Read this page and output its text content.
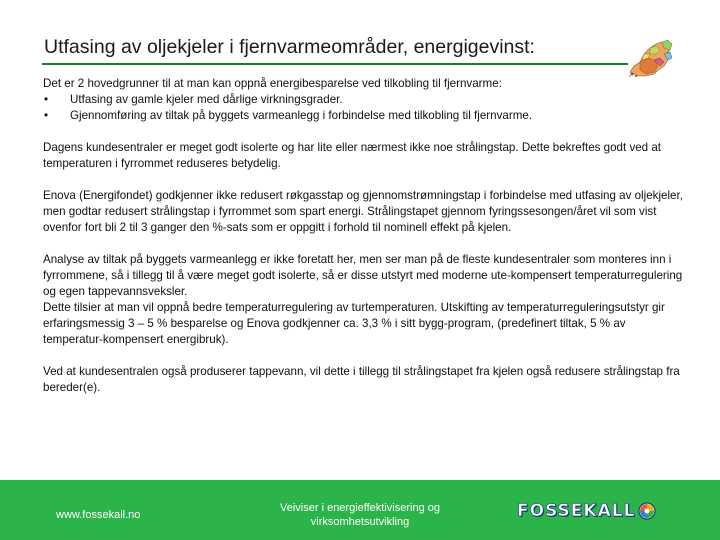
Utfasing av oljekjeler i fjernvarmeområder, energigevinst:

Det er 2 hovedgrunner til at man kan oppnå energibesparelse ved tilkobling til fjernvarme:

• Utfasing av gamle kjeler med dårlige virkningsgrader.
• Gjennomføring av tiltak på byggets varmeanlegg i forbindelse med tilkobling til fjernvarme.

Dagens kundesentraler er meget godt isolerte og har lite eller nærmest ikke noe strålingstap. Dette bekreftes godt ved at temperaturen i fyrrommet reduseres betydelig.

Enova (Energifondet) godkjenner ikke redusert røkgasstap og gjennomstrømningstap i forbindelse med utfasing av oljekjeler, men godtar redusert strålingstap i fyrrommet som spart energi. Strålingstapet gjennom fyringssesongen/året vil som vist ovenfor fort bli 2 til 3 ganger den %-sats som er oppgitt i forhold til nominell effekt på kjelen.

Analyse av tiltak på byggets varmeanlegg er ikke foretatt her, men ser man på de fleste kundesentraler som monteres inn i fyrrommene, så i tillegg til å være meget godt isolerte, så er disse utstyrt med moderne ute-kompensert temperaturregulering og egen tappevannsveksler.

Dette tilsier at man vil oppnå bedre temperaturregulering av turtemperaturen. Utskifting av temperaturreguleringsutstyr gir erfaringsmessig 3 – 5 % besparelse og Enova godkjenner ca. 3,3 % i sitt bygg-program, (predefinert tiltak, 5 % av temperatur-kompensert energibruk).

Ved at kundesentralen også produserer tappevann, vil dette i tillegg til strålingstapet fra kjelen også redusere strålingstap fra bereder(e).

www.fossekall.no
Veiviser i energieffektivisering og virksomhetsutvikling
FOSSEKALL
